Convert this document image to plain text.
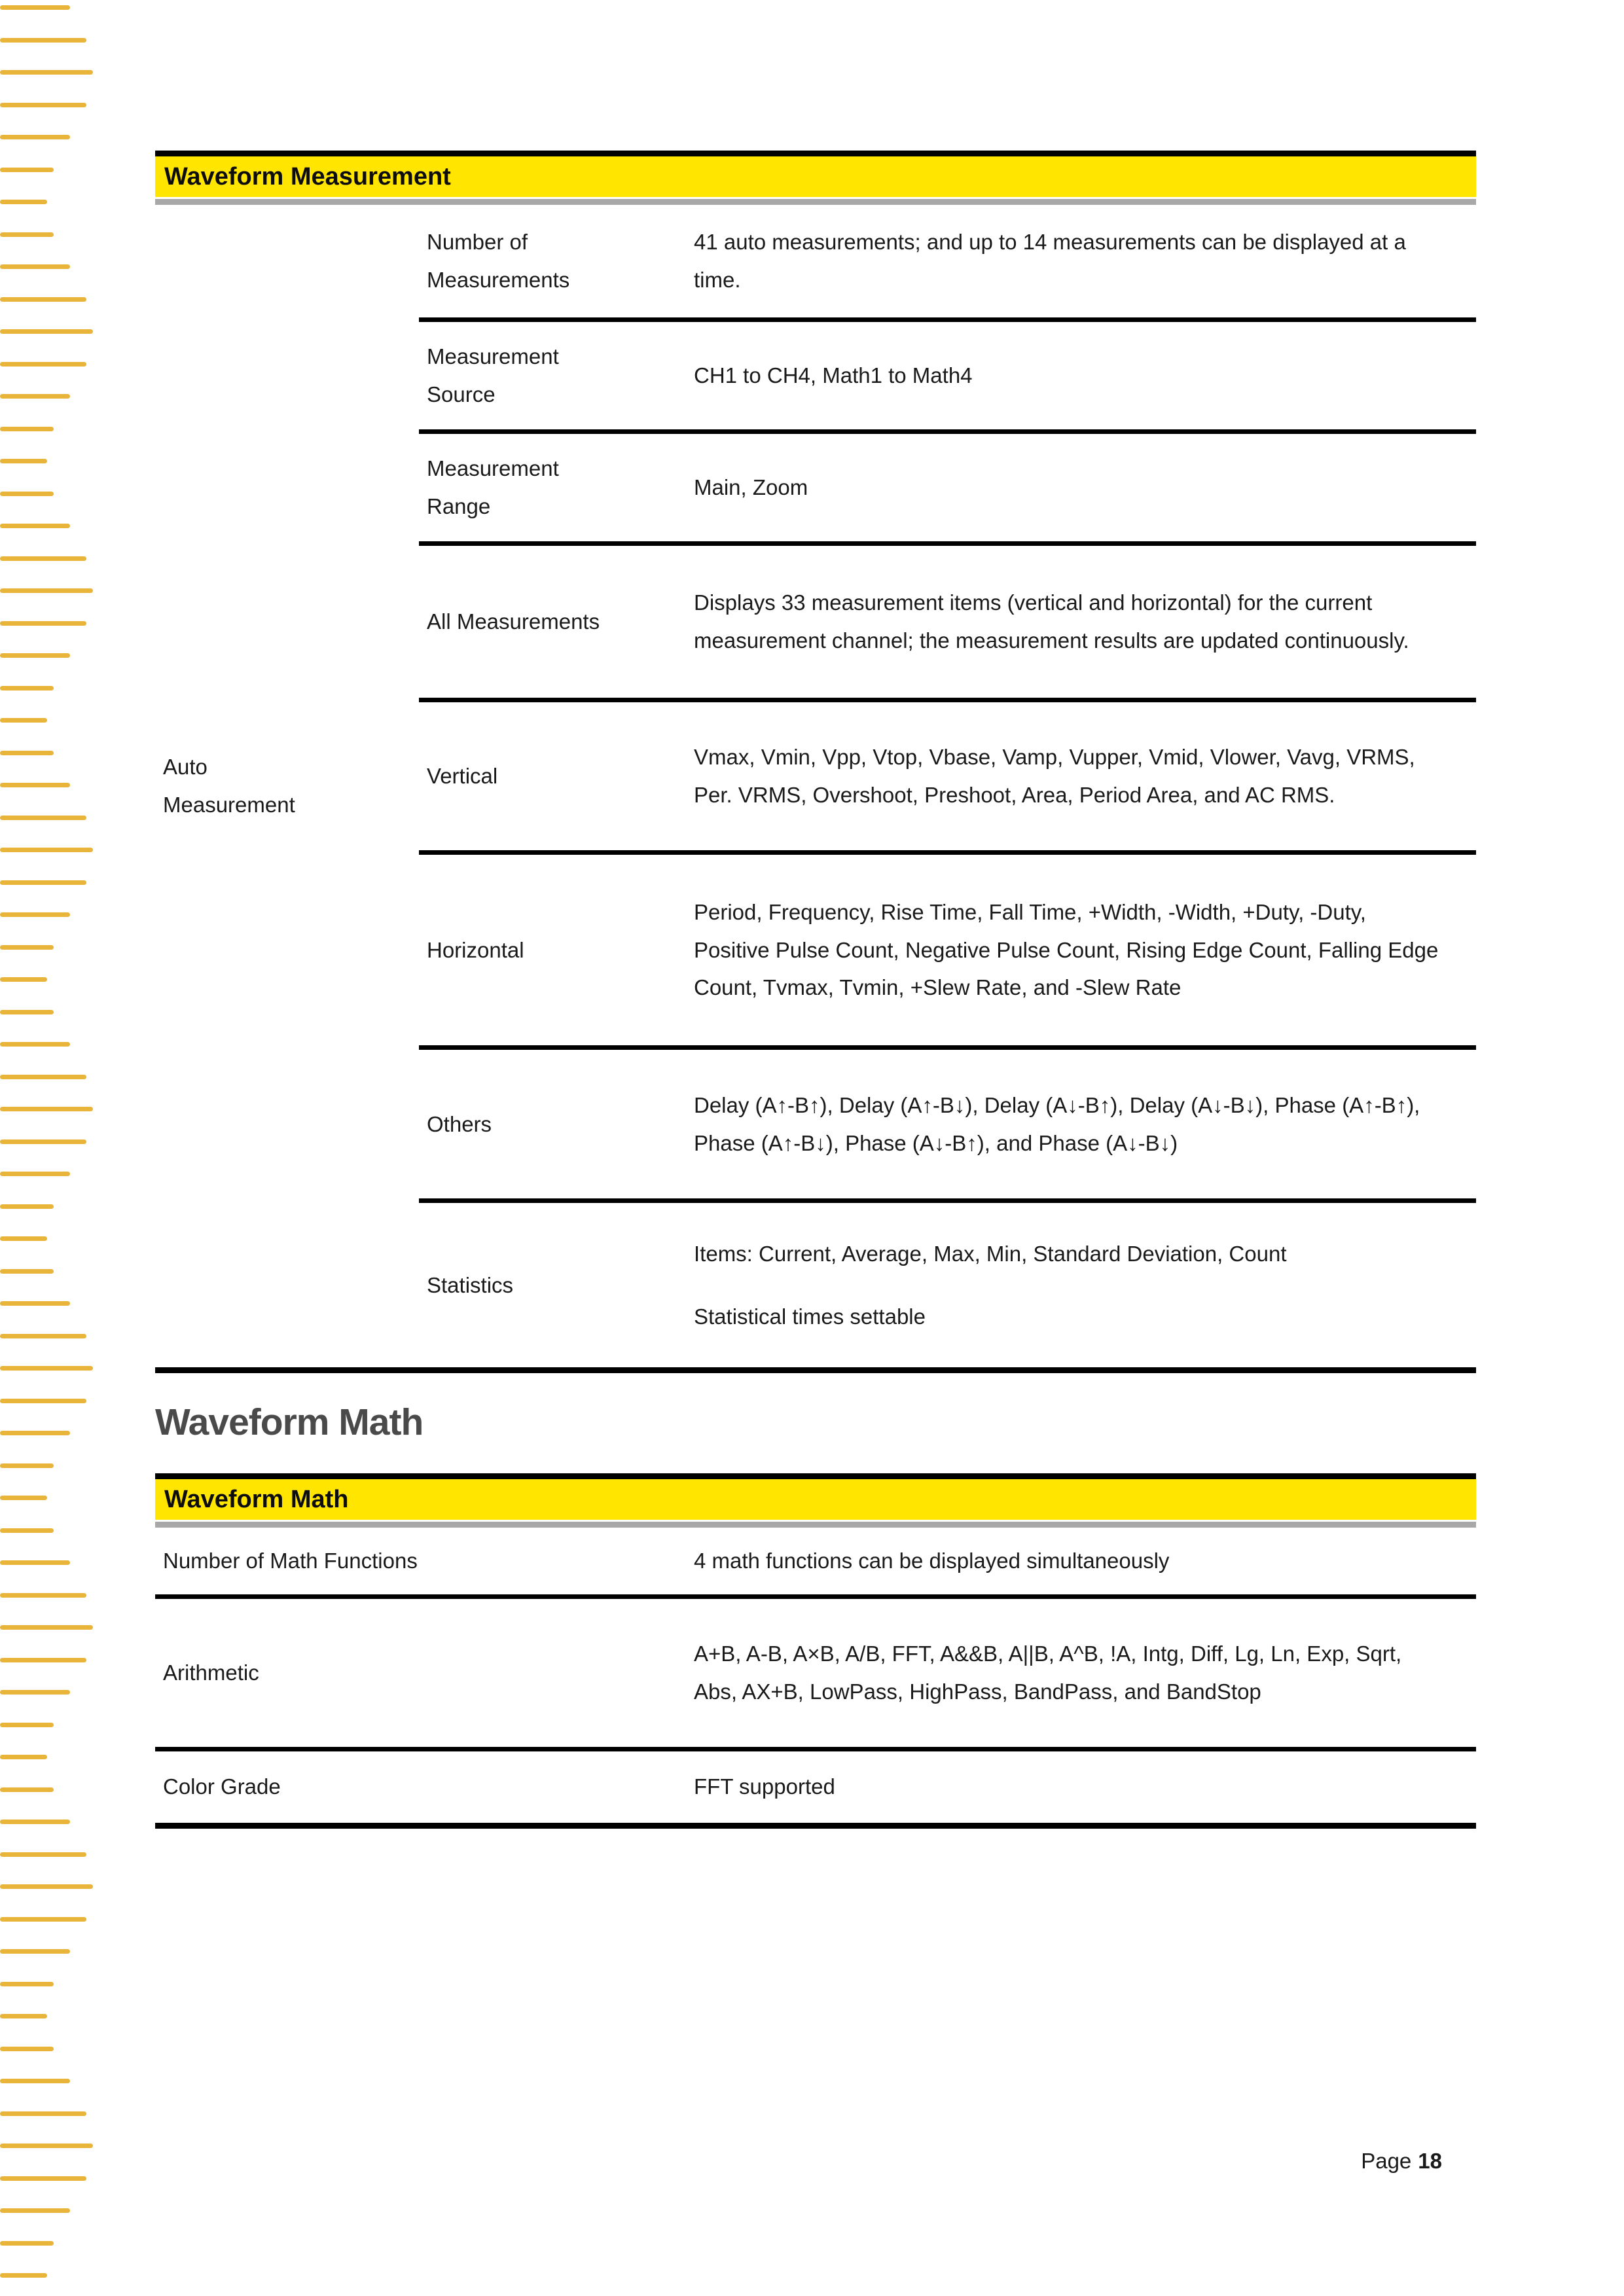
Waveform Measurement
Auto Measurement
Number of Measurements

41 auto measurements; and up to 14 measurements can be displayed at a time.

Measurement Source

CH1 to CH4, Math1 to Math4

Measurement Range

Main, Zoom

All Measurements

Displays 33 measurement items (vertical and horizontal) for the current measurement channel; the measurement results are updated continuously.

Vertical

Vmax, Vmin, Vpp, Vtop, Vbase, Vamp, Vupper, Vmid, Vlower, Vavg, VRMS, Per. VRMS, Overshoot, Preshoot, Area, Period Area, and AC RMS.

Horizontal

Period, Frequency, Rise Time, Fall Time, +Width, -Width, +Duty, -Duty, Positive Pulse Count, Negative Pulse Count, Rising Edge Count, Falling Edge Count, Tvmax, Tvmin, +Slew Rate, and -Slew Rate

Others

Delay (A↑-B↑), Delay (A↑-B↓), Delay (A↓-B↑), Delay (A↓-B↓), Phase (A↑-B↑), Phase (A↑-B↓), Phase (A↓-B↑), and Phase (A↓-B↓)

Statistics

Items: Current, Average, Max, Min, Standard Deviation, Count

Statistical times settable

Waveform Math
Waveform Math
Number of Math Functions	4 math functions can be displayed simultaneously

Arithmetic

A+B, A-B, A×B, A/B, FFT, A&&B, A||B, A^B, !A, Intg, Diff, Lg, Ln, Exp, Sqrt, Abs, AX+B, LowPass, HighPass, BandPass, and BandStop

Color Grade	FFT supported

Page 18
